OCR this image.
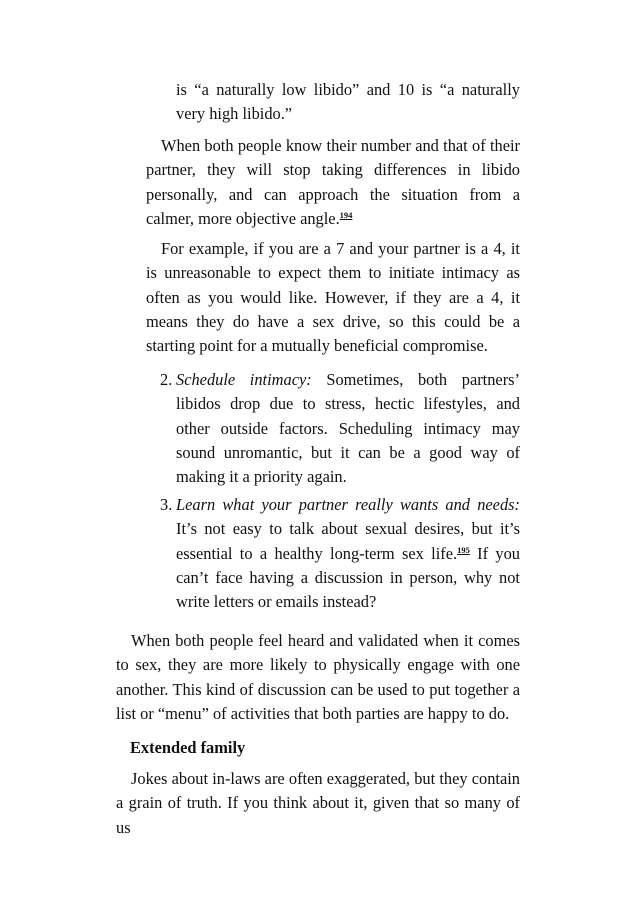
is “a naturally low libido” and 10 is “a naturally very high libido.”

When both people know their number and that of their partner, they will stop taking differences in libido personally, and can approach the situation from a calmer, more objective angle.$^{194}$

For example, if you are a 7 and your partner is a 4, it is unreasonable to expect them to initiate intimacy as often as you would like. However, if they are a 4, it means they do have a sex drive, so this could be a starting point for a mutually beneficial compromise.

2. Schedule intimacy: Sometimes, both partners’ libidos drop due to stress, hectic lifestyles, and other outside factors. Scheduling intimacy may sound unromantic, but it can be a good way of making it a priority again.
3. Learn what your partner really wants and needs: It’s not easy to talk about sexual desires, but it’s essential to a healthy long-term sex life.$^{195}$ If you can’t face having a discussion in person, why not write letters or emails instead?

When both people feel heard and validated when it comes to sex, they are more likely to physically engage with one another. This kind of discussion can be used to put together a list or “menu” of activities that both parties are happy to do.

Extended family

Jokes about in-laws are often exaggerated, but they contain a grain of truth. If you think about it, given that so many of us
